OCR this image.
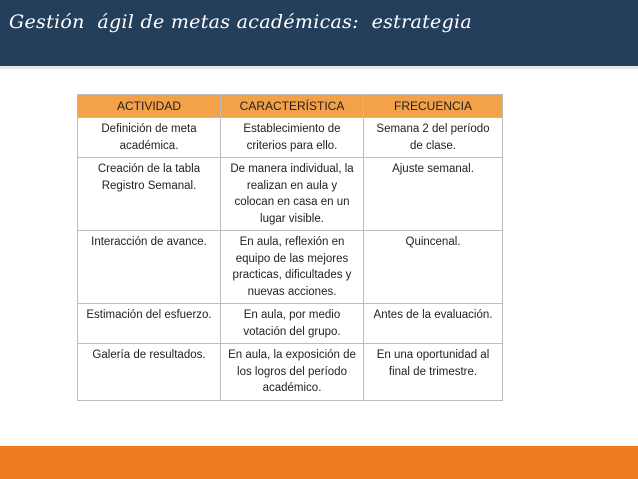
Gestión  ágil de metas académicas:  estrategia
ACTIVIDAD	CARACTERÍSTICA	FRECUENCIA
Definición de meta académica.	Establecimiento de criterios para ello.	Semana 2 del período de clase.
Creación de la tabla Registro Semanal.	De manera individual, la realizan en aula y colocan en casa en un lugar visible.	Ajuste semanal.
Interacción de avance.	En aula, reflexión en equipo de las mejores practicas, dificultades y nuevas acciones.	Quincenal.
Estimación del esfuerzo.	En aula, por medio votación del grupo.	Antes de la evaluación.
Galería de resultados.	En aula, la exposición de los logros del período académico.	En una oportunidad al final de trimestre.
